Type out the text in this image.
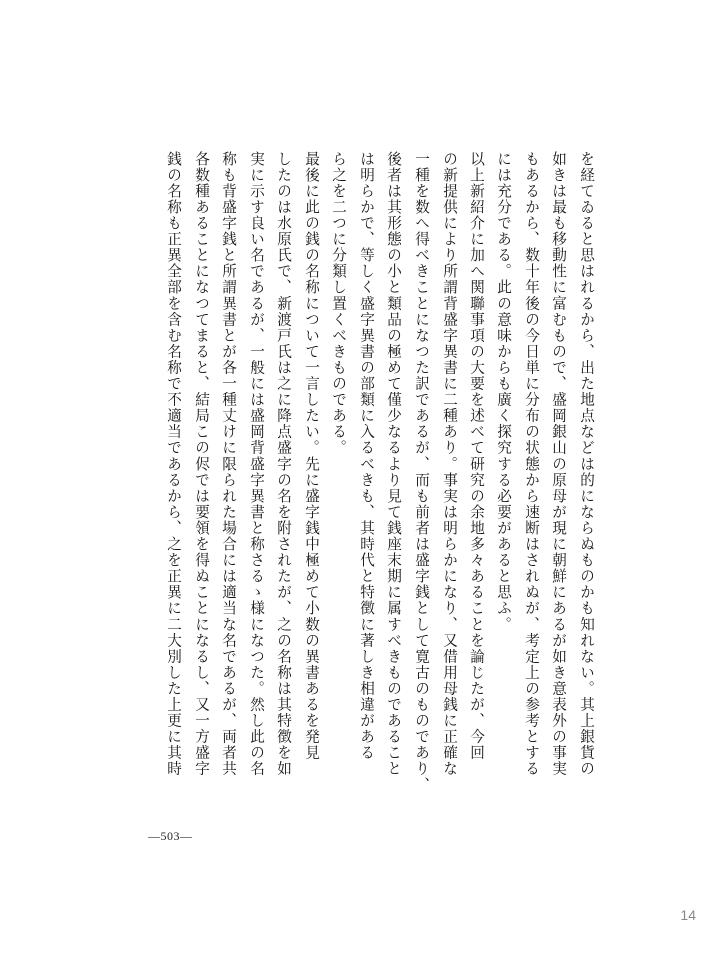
を経てゐると思はれるから、出た地点などは的にならぬものかも知れない。其上銀貨の
如きは最も移動性に富むもので、盛岡銀山の原母が現に朝鮮にあるが如き意表外の事実
もあるから、数十年後の今日単に分布の状態から速断はされぬが、考定上の参考とする
には充分である。此の意味からも廣く探究する必要があると思ふ。
以上新紹介に加へ関聯事項の大要を述べて研究の余地多々あることを論じたが、今回
の新提供により所謂背盛字異書に二種あり。事実は明らかになり、又借用母銭に正確な
一種を数へ得べきことになつた訳であるが、而も前者は盛字銭として寛古のものであり、
後者は其形態の小と類品の極めて僅少なるより見て銭座末期に属すべきものであること
は明らかで、等しく盛字異書の部類に入るべきも、其時代と特徴に著しき相違がある
ら之を二つに分類し置くべきものである。
最後に此の銭の名称について一言したい。先に盛字銭中極めて小数の異書あるを発見
したのは水原氏で、新渡戸氏は之に降点盛字の名を附されたが、之の名称は其特徴を如
実に示す良い名であるが、一般には盛岡背盛字異書と称さるゝ様になつた。然し此の名
称も背盛字銭と所謂異書とが各一種丈けに限られた場合には適当な名であるが、両者共
各数種あることになつてまると、結局この侭では要領を得ぬことになるし、又一方盛字
銭の名称も正異全部を含む名称で不適当であるから、之を正異に二大別した上更に其時
—503—
14
